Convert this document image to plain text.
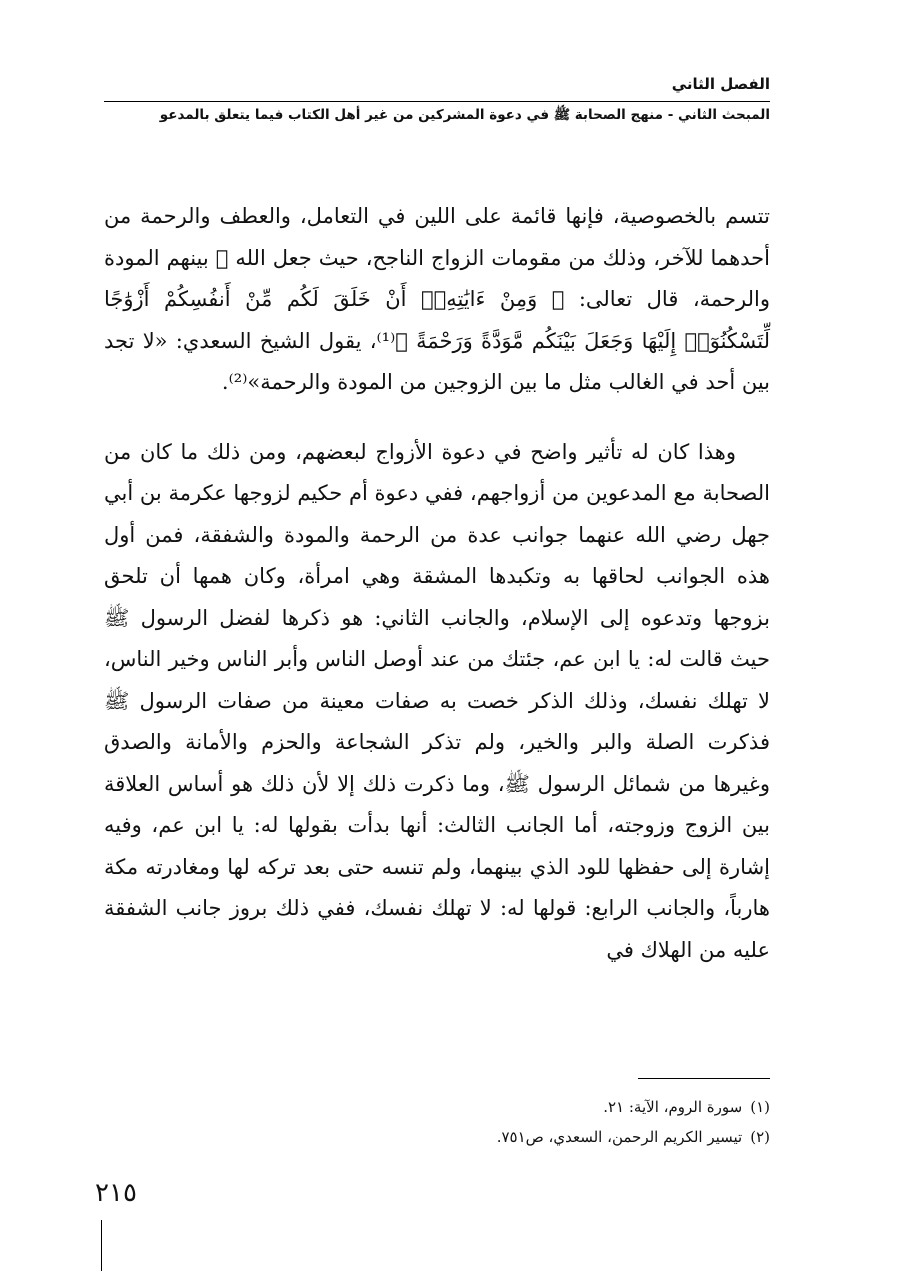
الفصل الثاني
المبحث الثاني - منهج الصحابة ﷺ في دعوة المشركين من غير أهل الكتاب فيما يتعلق بالمدعو

تتسم بالخصوصية، فإنها قائمة على اللين في التعامل، والعطف والرحمة من أحدهما للآخر، وذلك من مقومات الزواج الناجح، حيث جعل الله ﷻ بينهم المودة والرحمة، قال تعالى: ﴿ وَمِنْ ءَايَٰتِهِۦٓ أَنْ خَلَقَ لَكُم مِّنْ أَنفُسِكُمْ أَزْوَٰجًا لِّتَسْكُنُوٓا۟ إِلَيْهَا وَجَعَلَ بَيْنَكُم مَّوَدَّةً وَرَحْمَةً ﴾⁽¹⁾، يقول الشيخ السعدي: «لا تجد بين أحد في الغالب مثل ما بين الزوجين من المودة والرحمة»⁽²⁾.

وهذا كان له تأثير واضح في دعوة الأزواج لبعضهم، ومن ذلك ما كان من الصحابة مع المدعوين من أزواجهم، ففي دعوة أم حكيم لزوجها عكرمة بن أبي جهل رضي الله عنهما جوانب عدة من الرحمة والمودة والشفقة، فمن أول هذه الجوانب لحاقها به وتكبدها المشقة وهي امرأة، وكان همها أن تلحق بزوجها وتدعوه إلى الإسلام، والجانب الثاني: هو ذكرها لفضل الرسول ﷺ حيث قالت له: يا ابن عم، جئتك من عند أوصل الناس وأبر الناس وخير الناس، لا تهلك نفسك، وذلك الذكر خصت به صفات معينة من صفات الرسول ﷺ فذكرت الصلة والبر والخير، ولم تذكر الشجاعة والحزم والأمانة والصدق وغيرها من شمائل الرسول ﷺ، وما ذكرت ذلك إلا لأن ذلك هو أساس العلاقة بين الزوج وزوجته، أما الجانب الثالث: أنها بدأت بقولها له: يا ابن عم، وفيه إشارة إلى حفظها للود الذي بينهما، ولم تنسه حتى بعد تركه لها ومغادرته مكة هارباً، والجانب الرابع: قولها له: لا تهلك نفسك، ففي ذلك بروز جانب الشفقة عليه من الهلاك في

(١)سورة الروم، الآية: ٢١.
(٢)تيسير الكريم الرحمن، السعدي، ص٧٥١.
٢١٥
